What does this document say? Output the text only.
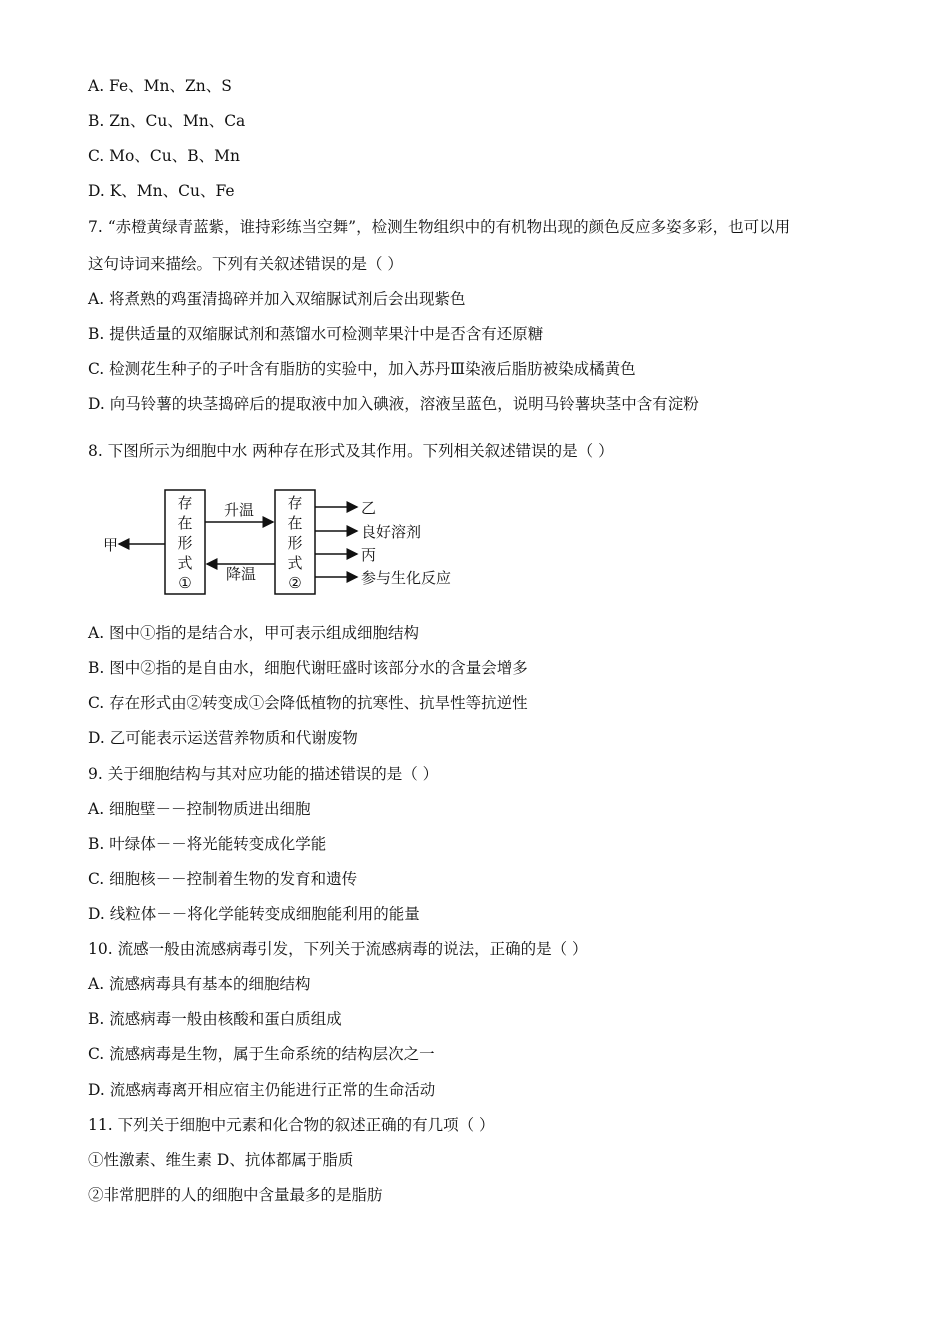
A. Fe、Mn、Zn、S
B. Zn、Cu、Mn、Ca
C. Mo、Cu、B、Mn
D. K、Mn、Cu、Fe
7. “赤橙黄绿青蓝紫，谁持彩练当空舞”，检测生物组织中的有机物出现的颜色反应多姿多彩，也可以用
这句诗词来描绘。下列有关叙述错误的是（ ）
A. 将煮熟的鸡蛋清捣碎并加入双缩脲试剂后会出现紫色
B. 提供适量的双缩脲试剂和蒸馏水可检测苹果汁中是否含有还原糖
C. 检测花生种子的子叶含有脂肪的实验中，加入苏丹Ⅲ染液后脂肪被染成橘黄色
D. 向马铃薯的块茎捣碎后的提取液中加入碘液，溶液呈蓝色，说明马铃薯块茎中含有淀粉
8. 下图所示为细胞中水 两种存在形式及其作用。下列相关叙述错误的是（ ）
存
在
形
式
①
存
在
形
式
②
升温
降温
甲
乙
良好溶剂
丙
参与生化反应
A. 图中①指的是结合水，甲可表示组成细胞结构
B. 图中②指的是自由水，细胞代谢旺盛时该部分水的含量会增多
C. 存在形式由②转变成①会降低植物的抗寒性、抗旱性等抗逆性
D. 乙可能表示运送营养物质和代谢废物
9. 关于细胞结构与其对应功能的描述错误的是（ ）
A. 细胞壁－－控制物质进出细胞
B. 叶绿体－－将光能转变成化学能
C. 细胞核－－控制着生物的发育和遗传
D. 线粒体－－将化学能转变成细胞能利用的能量
10. 流感一般由流感病毒引发，下列关于流感病毒的说法，正确的是（ ）
A. 流感病毒具有基本的细胞结构
B. 流感病毒一般由核酸和蛋白质组成
C. 流感病毒是生物，属于生命系统的结构层次之一
D. 流感病毒离开相应宿主仍能进行正常的生命活动
11. 下列关于细胞中元素和化合物的叙述正确的有几项（ ）
①性激素、维生素 D、抗体都属于脂质
②非常肥胖的人的细胞中含量最多的是脂肪
